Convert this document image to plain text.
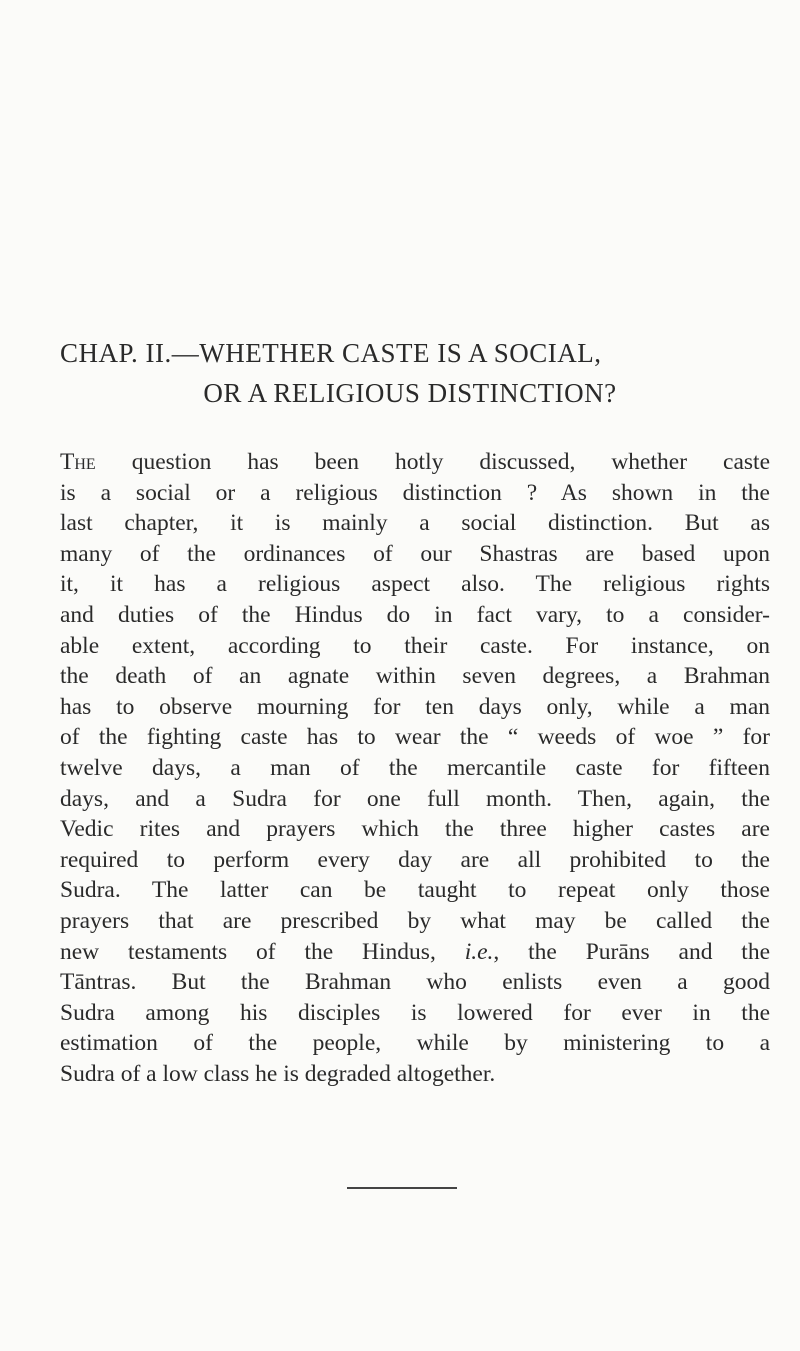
CHAP. II.—WHETHER CASTE IS A SOCIAL,
OR A RELIGIOUS DISTINCTION?
The question has been hotly discussed, whether caste
is a social or a religious distinction ? As shown in the
last chapter, it is mainly a social distinction. But as
many of the ordinances of our Shastras are based upon
it, it has a religious aspect also. The religious rights
and duties of the Hindus do in fact vary, to a consider-
able extent, according to their caste. For instance, on
the death of an agnate within seven degrees, a Brahman
has to observe mourning for ten days only, while a man
of the fighting caste has to wear the “ weeds of woe ” for
twelve days, a man of the mercantile caste for fifteen
days, and a Sudra for one full month. Then, again, the
Vedic rites and prayers which the three higher castes are
required to perform every day are all prohibited to the
Sudra. The latter can be taught to repeat only those
prayers that are prescribed by what may be called the
new testaments of the Hindus, i.e., the Purāns and the
Tāntras. But the Brahman who enlists even a good
Sudra among his disciples is lowered for ever in the
estimation of the people, while by ministering to a
Sudra of a low class he is degraded altogether.
